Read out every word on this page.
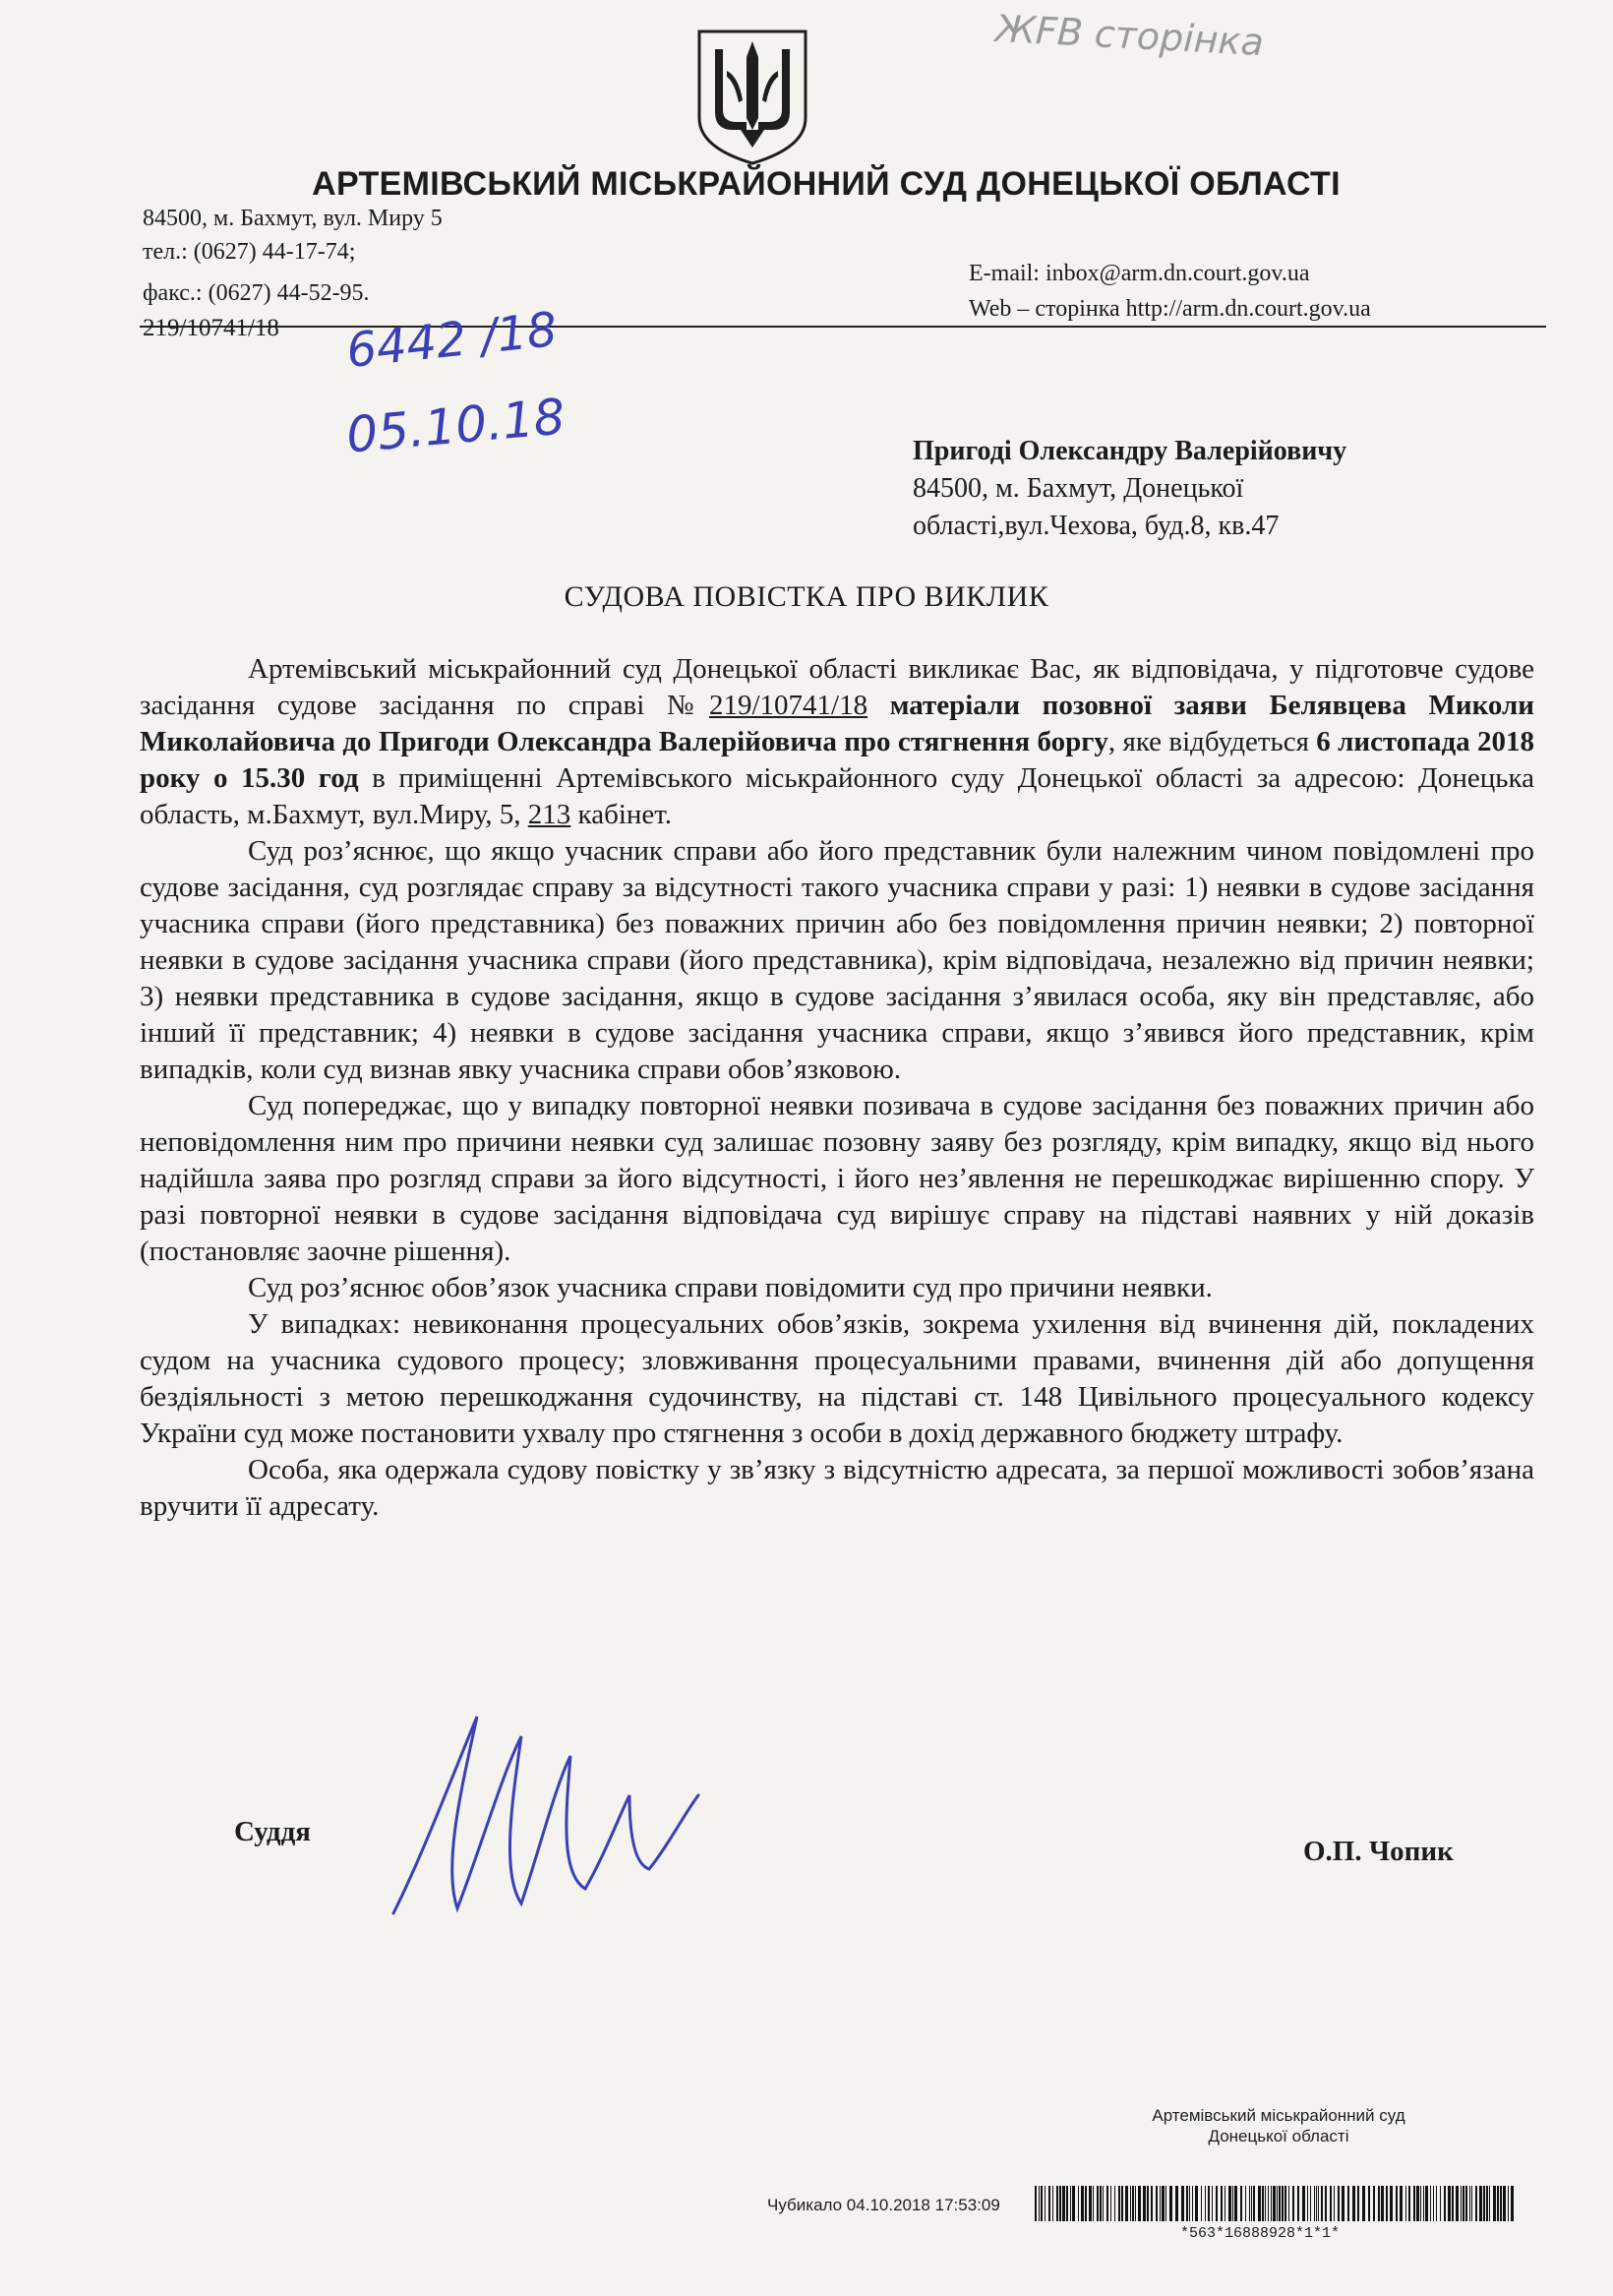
ЖFB сторінка
АРТЕМІВСЬКИЙ МІСЬКРАЙОННИЙ СУД ДОНЕЦЬКОЇ ОБЛАСТІ
84500, м. Бахмут, вул. Миру 5
тел.: (0627) 44-17-74;
факс.: (0627) 44-52-95.
E-mail: inbox@arm.dn.court.gov.ua
Web – сторінка http://arm.dn.court.gov.ua
219/10741/18 6442 /18
05.10.18	Пригоді Олександру Валерійовичу
84500, м. Бахмут, Донецької
області,вул.Чехова, буд.8, кв.47
СУДОВА ПОВІСТКА ПРО ВИКЛИК

Артемівський міськрайонний суд Донецької області викликає Вас, як відповідача, у підготовче судове засідання судове засідання по справі №219/10741/18 матеріали позовної заяви Белявцева Миколи Миколайовича до Пригоди Олександра Валерійовича про стягнення боргу, яке відбудеться 6 листопада 2018 року о 15.30 год в приміщенні Артемівського міськрайонного суду Донецької області за адресою: Донецька область, м.Бахмут, вул.Миру, 5, 213 кабінет.

Суд роз’яснює, що якщо учасник справи або його представник були належним чином повідомлені про судове засідання, суд розглядає справу за відсутності такого учасника справи у разі: 1) неявки в судове засідання учасника справи (його представника) без поважних причин або без повідомлення причин неявки; 2) повторної неявки в судове засідання учасника справи (його представника), крім відповідача, незалежно від причин неявки; 3) неявки представника в судове засідання, якщо в судове засідання з’явилася особа, яку він представляє, або інший її представник; 4) неявки в судове засідання учасника справи, якщо з’явився його представник, крім випадків, коли суд визнав явку учасника справи обов’язковою.

Суд попереджає, що у випадку повторної неявки позивача в судове засідання без поважних причин або неповідомлення ним про причини неявки суд залишає позовну заяву без розгляду, крім випадку, якщо від нього надійшла заява про розгляд справи за його відсутності, і його нез’явлення не перешкоджає вирішенню спору. У разі повторної неявки в судове засідання відповідача суд вирішує справу на підставі наявних у ній доказів (постановляє заочне рішення).

Суд роз’яснює обов’язок учасника справи повідомити суд про причини неявки.

У випадках: невиконання процесуальних обов’язків, зокрема ухилення від вчинення дій, покладених судом на учасника судового процесу; зловживання процесуальними правами, вчинення дій або допущення бездіяльності з метою перешкоджання судочинству, на підставі ст. 148 Цивільного процесуального кодексу України суд може постановити ухвалу про стягнення з особи в дохід державного бюджету штрафу.

Особа, яка одержала судову повістку у зв’язку з відсутністю адресата, за першої можливості зобов’язана вручити її адресату.

Суддя
О.П. Чопик
Артемівський міськрайонний суд
Донецької області
Чубикало 04.10.2018 17:53:09
*563*16888928*1*1*
